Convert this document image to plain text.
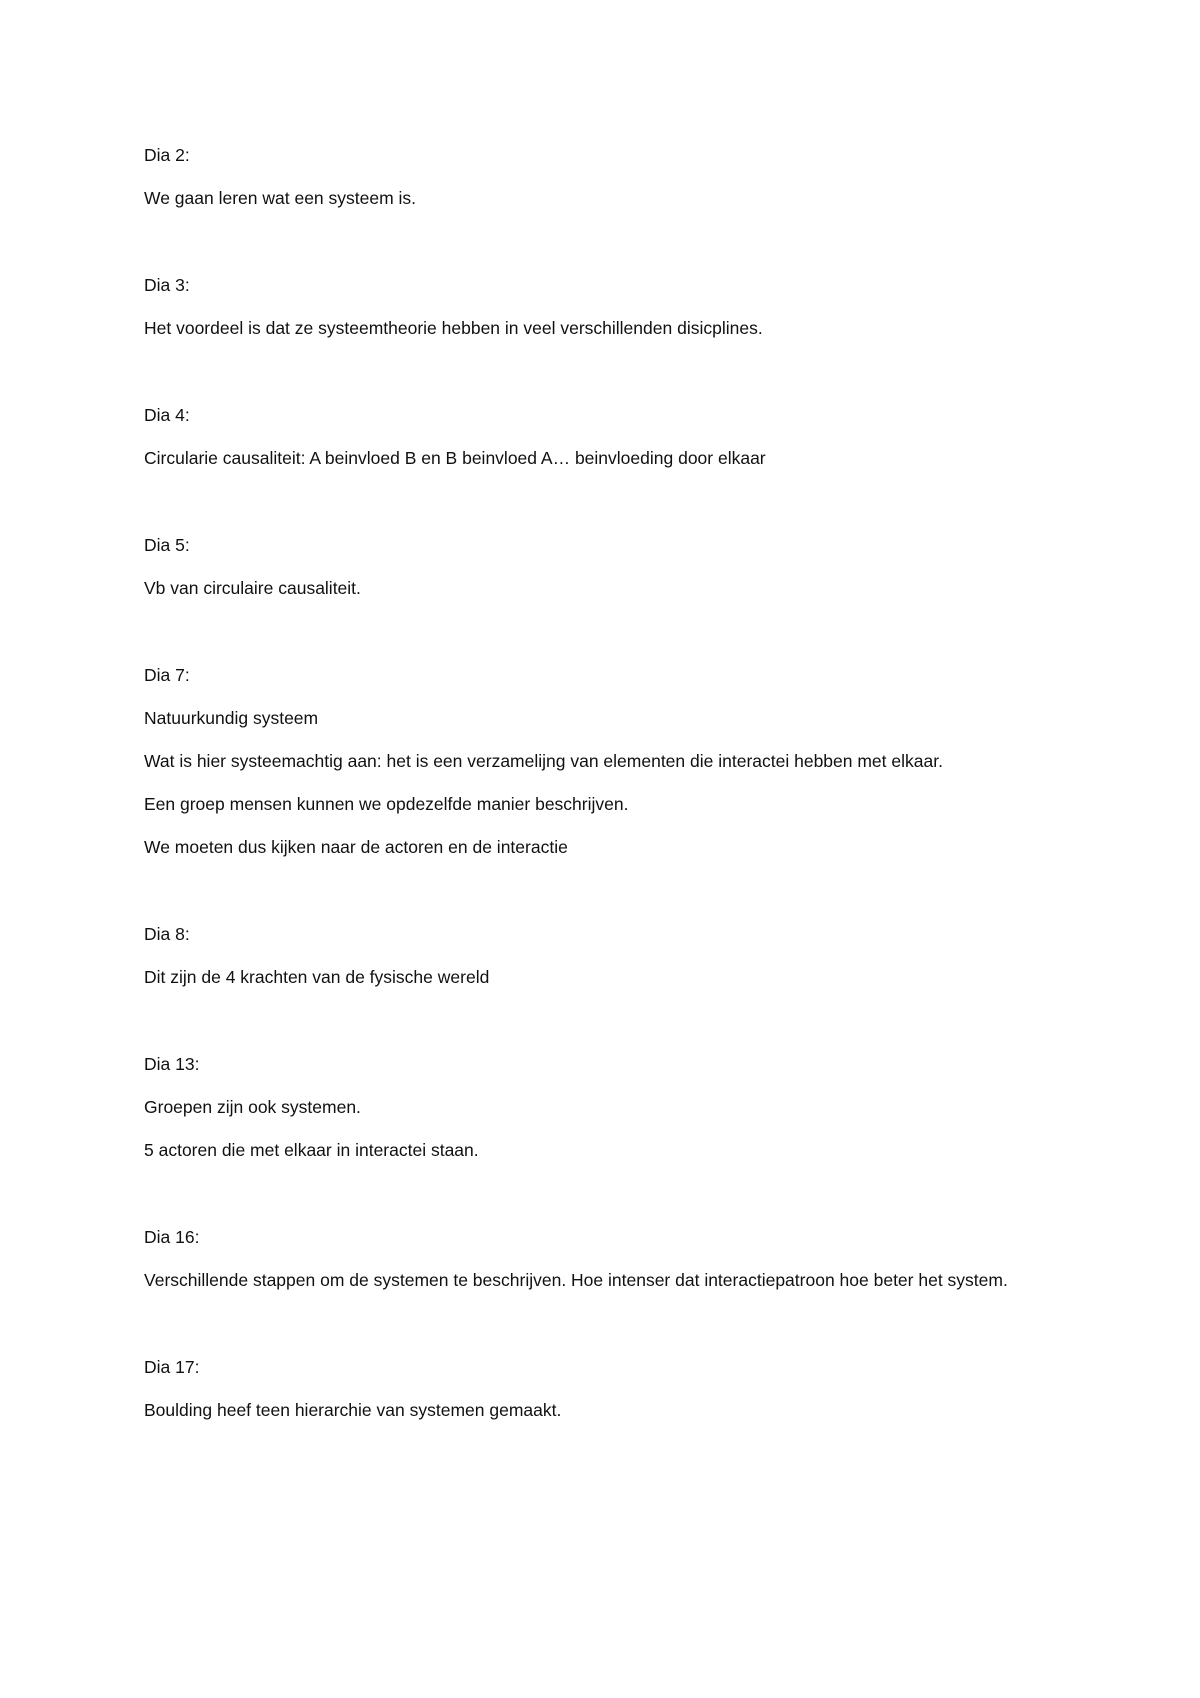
Dia 2:

We gaan leren wat een systeem is.

Dia 3:

Het voordeel is dat ze systeemtheorie hebben in veel verschillenden disicplines.

Dia 4:

Circularie causaliteit: A beinvloed B en B beinvloed A… beinvloeding door elkaar

Dia 5:

Vb van circulaire causaliteit.

Dia 7:

Natuurkundig systeem

Wat is hier systeemachtig aan: het is een verzamelijng van elementen die interactei hebben met elkaar.

Een groep mensen kunnen we opdezelfde manier beschrijven.

We moeten dus kijken naar de actoren en de interactie

Dia 8:

Dit zijn de 4 krachten van de fysische wereld

Dia 13:

Groepen zijn ook systemen.

5 actoren die met elkaar in interactei staan.

Dia 16:

Verschillende stappen om de systemen te beschrijven. Hoe intenser dat interactiepatroon hoe beter het system.

Dia 17:

Boulding heef teen hierarchie van systemen gemaakt.
